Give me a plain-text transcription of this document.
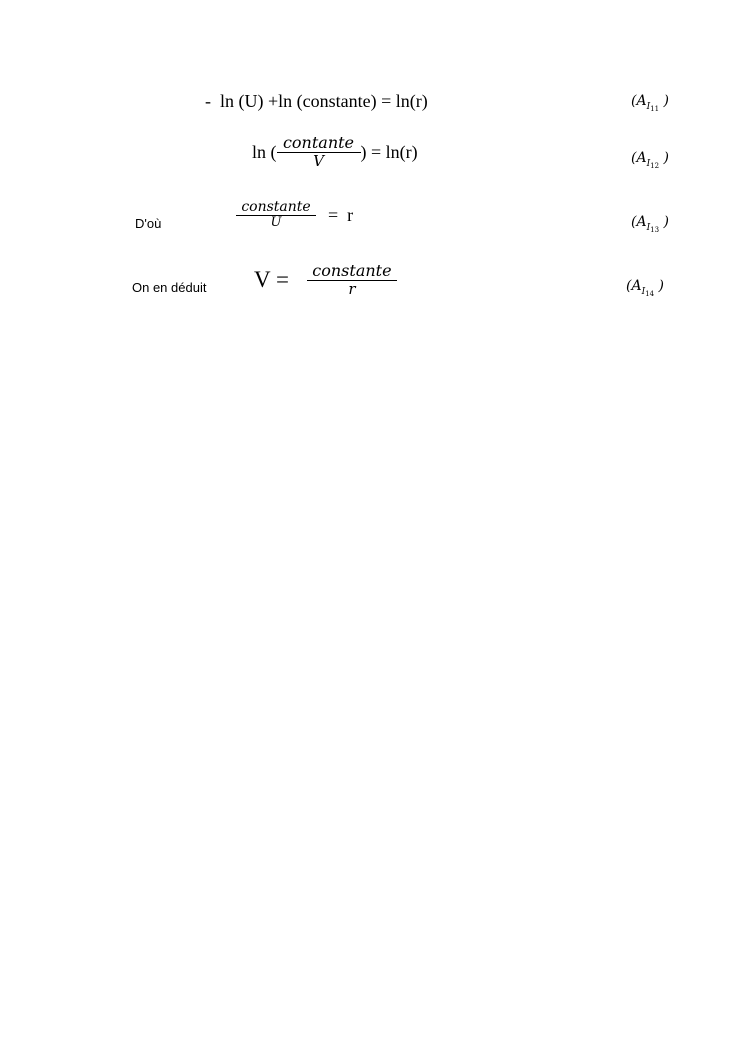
- ln (U) +ln (constante) = ln(r)	($A_{I_{11}}$ )
ln ( $\frac{\text{contante}}{V}$ ) = ln(r)	($A_{I_{12}}$ )
D'où	$\frac{\text{constante}}{U} = r$	($A_{I_{13}}$ )
On en déduit $V = \frac{\text{constante}}{r}$	($A_{I_{14}}$ )
